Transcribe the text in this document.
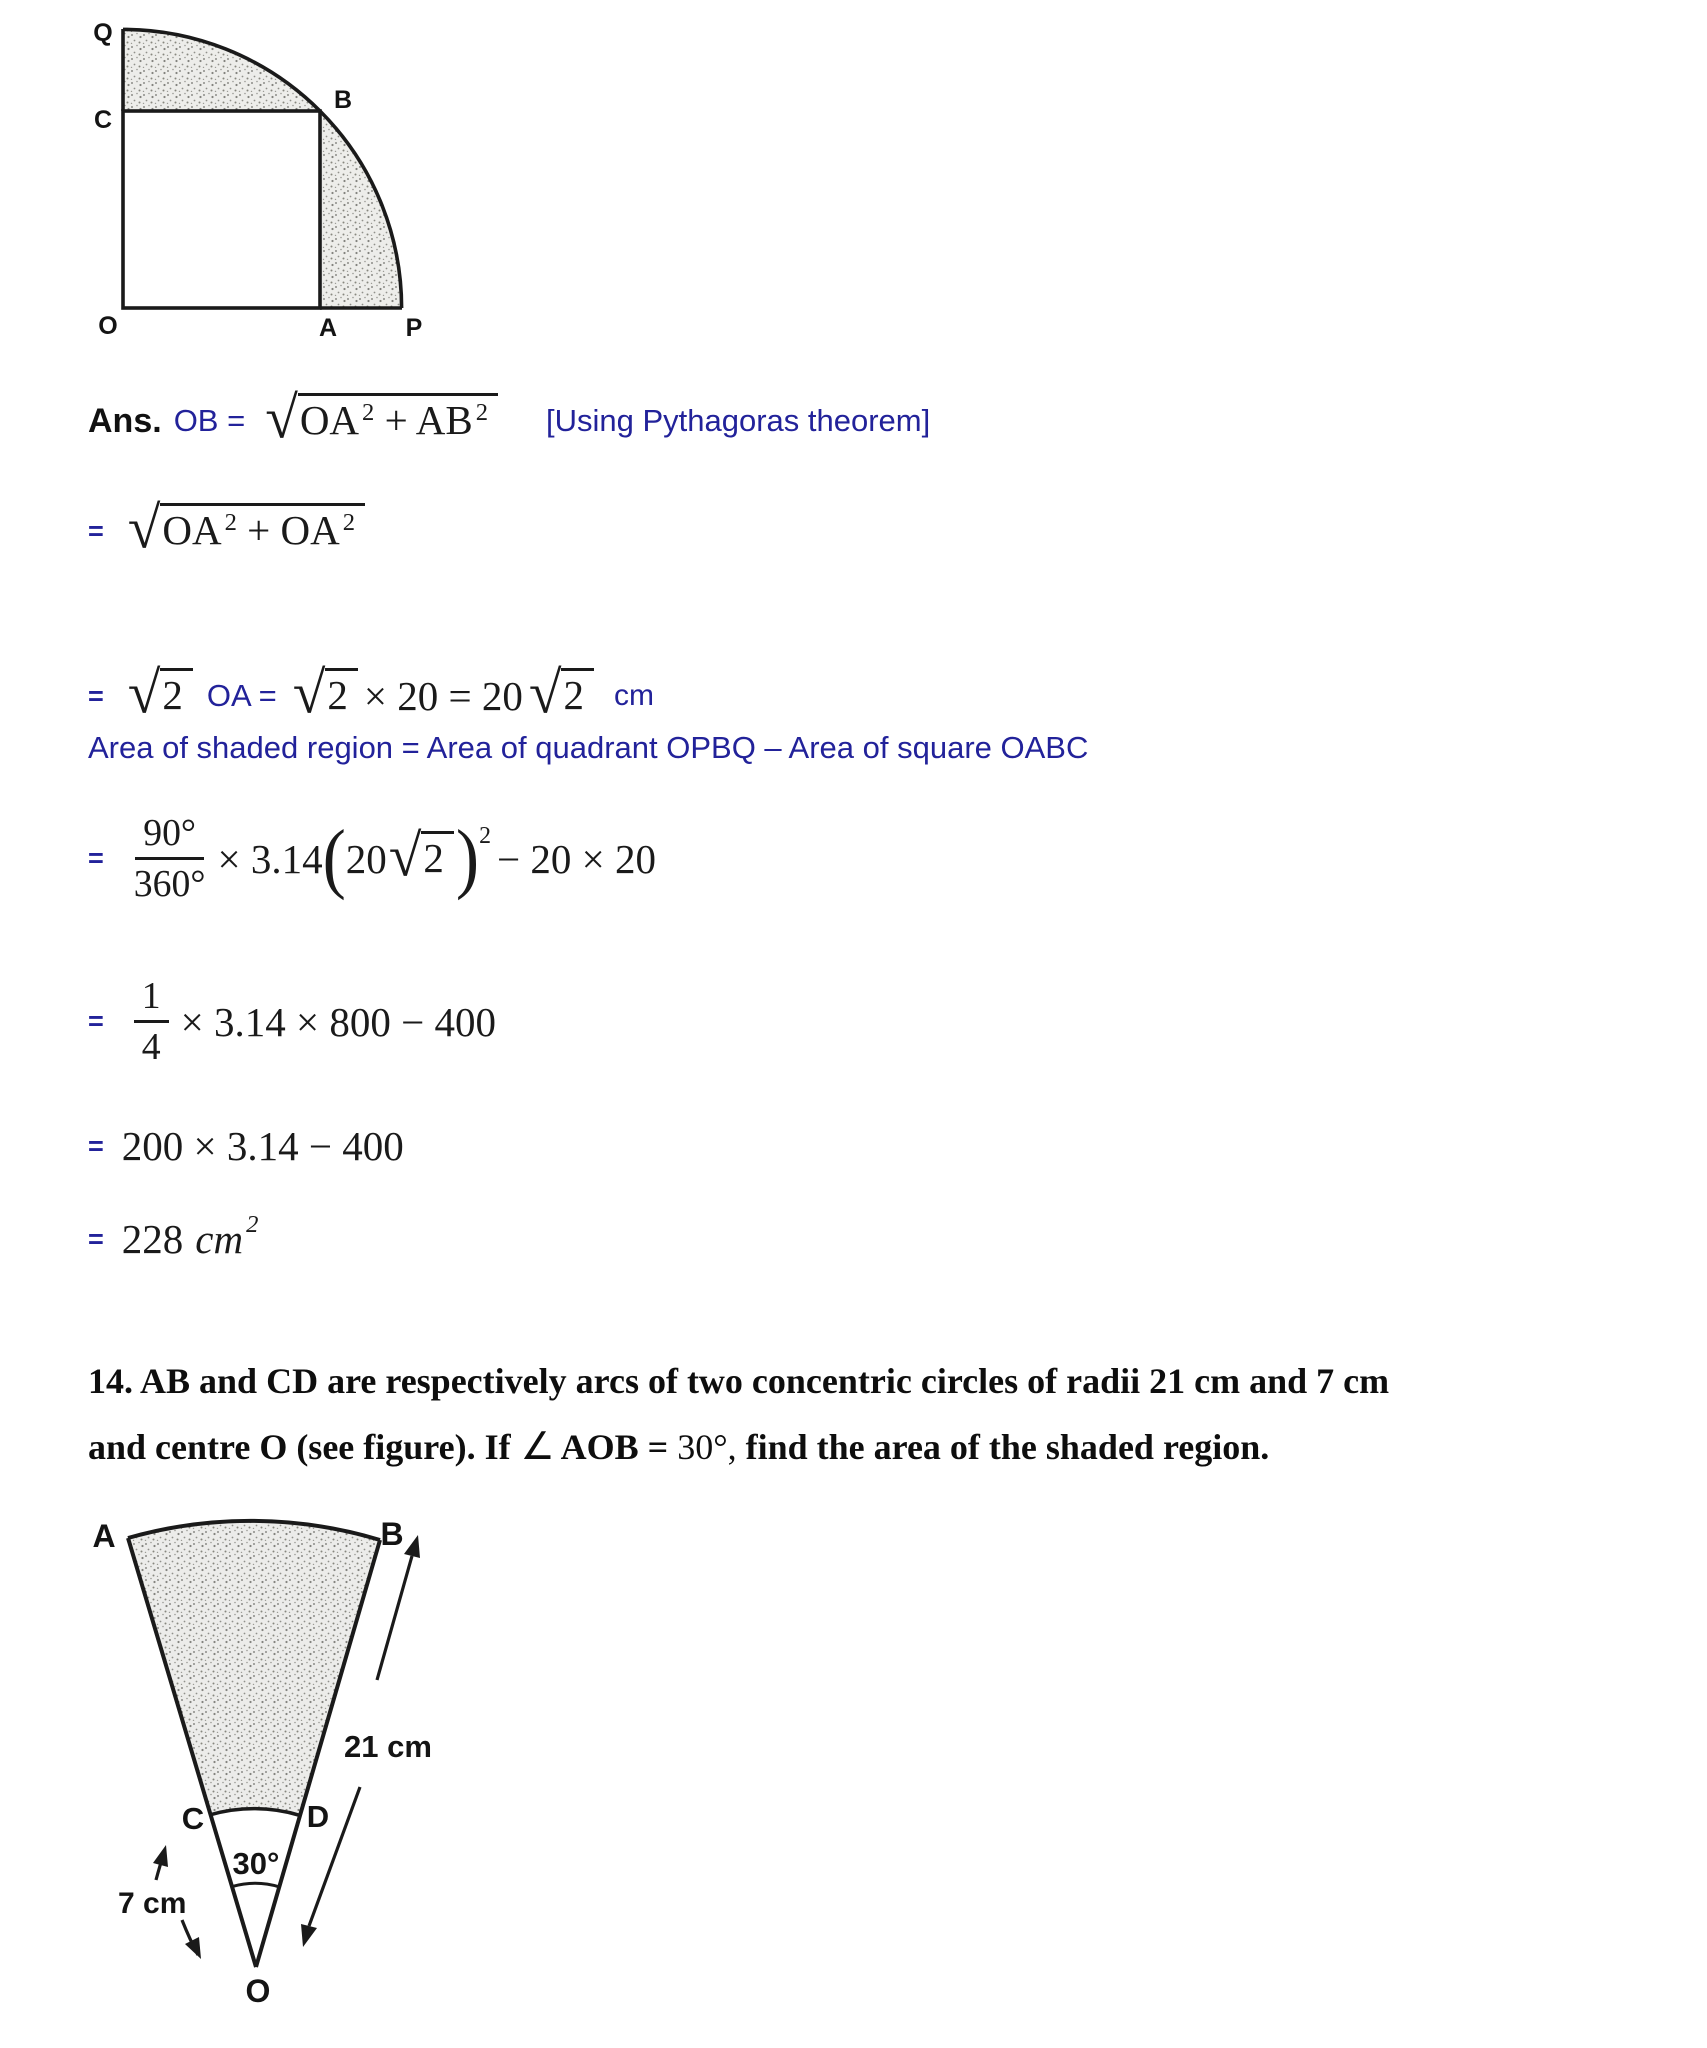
Q
C
B
O	A	P
Ans. OB = √ OA $^2$ + AB $^2$	[Using Pythagoras theorem]
= √ OA $^2$ + OA $^2$
= √ 2 OA = √ 2 × 20 = 20 √ 2	cm
Area of shaded region = Area of quadrant OPBQ – Area of square OABC
= $\frac{90^\circ}{360^\circ} \times 3.14$ ( 20 √ 2 ) 2
− 20 × 20
= $\frac{1}{4} \times 3.14 \times 800 - 400$
= 200 × 3.14 − 400
= 228 cm 2
14. AB and CD are respectively arcs of two concentric circles of radii 21 cm and 7 cm
and centre O (see figure). If ∠ AOB = 30°, find the area of the shaded region.
A	B
C	D
30°
21 cm
7 cm
O
